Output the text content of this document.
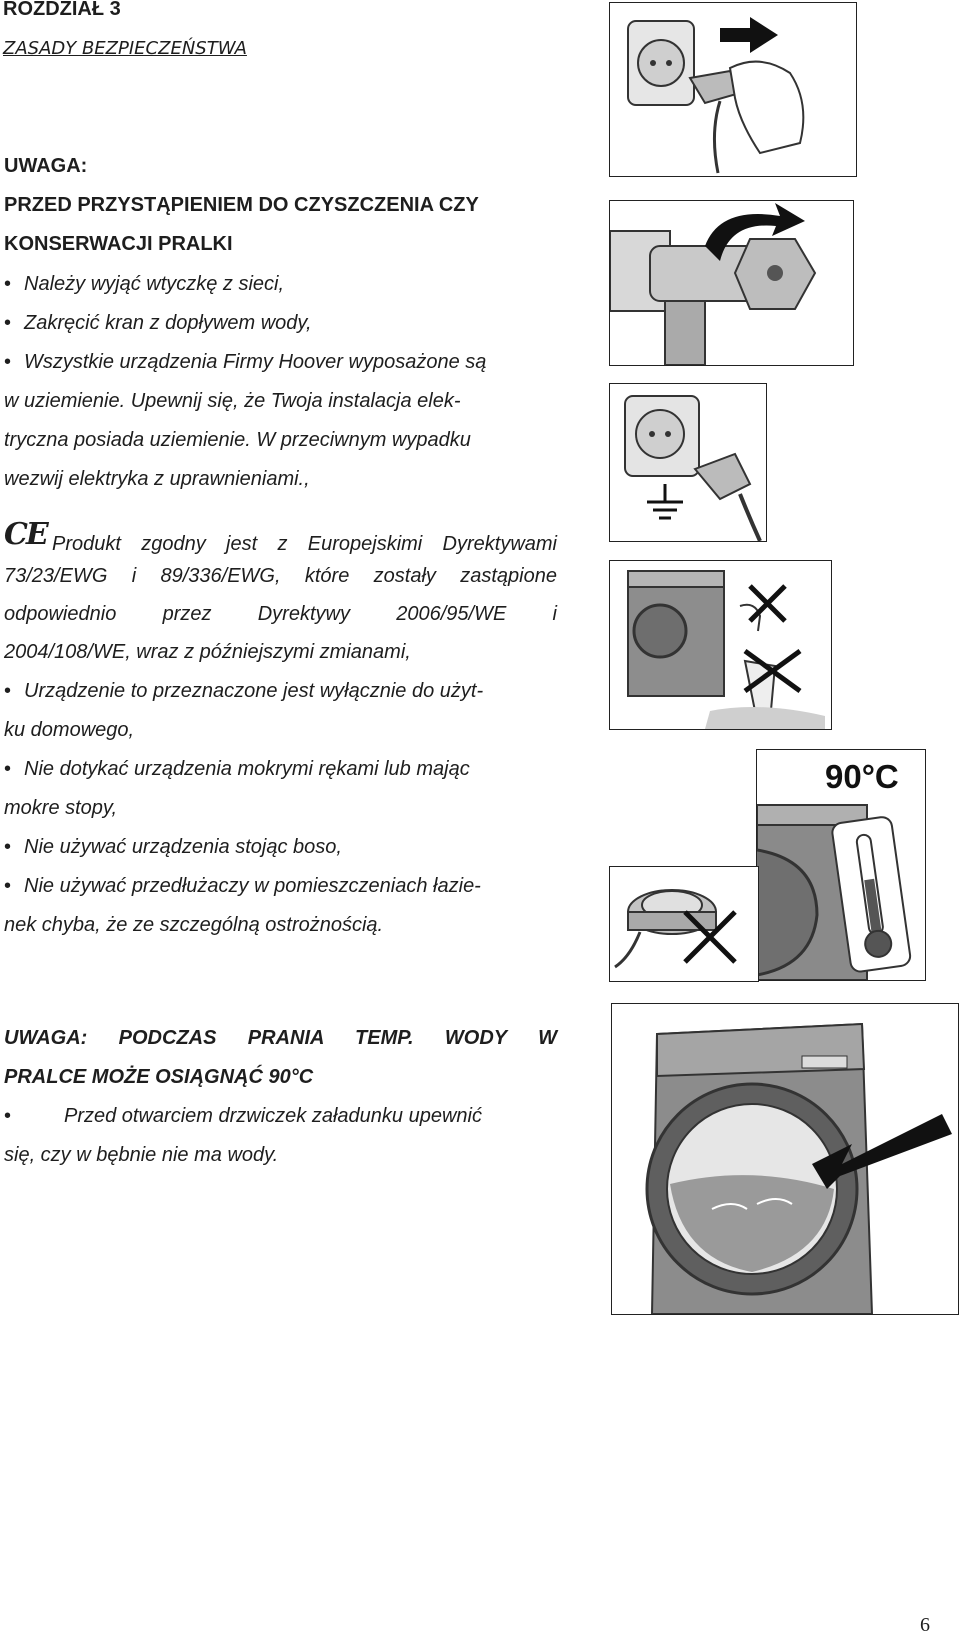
ROZDZIAŁ 3
ZASADY BEZPIECZEŃSTWA
UWAGA:
PRZED PRZYSTĄPIENIEM DO CZYSZCZENIA CZY
KONSERWACJI PRALKI
• Należy wyjąć wtyczkę z sieci,
• Zakręcić kran z dopływem wody,
• Wszystkie urządzenia Firmy Hoover wyposażone są
w uziemienie. Upewnij się, że Twoja instalacja elek-
tryczna posiada uziemienie. W przeciwnym wypadku
wezwij elektryka z uprawnieniami.,
CE Produkt zgodny jest z Europejskimi Dyrektywami
73/23/EWG i 89/336/EWG, które zostały zastąpione
odpowiednio przez Dyrektywy 2006/95/WE i
2004/108/WE, wraz z późniejszymi zmianami,
• Urządzenie to przeznaczone jest wyłącznie do użyt-
ku domowego,
• Nie dotykać urządzenia mokrymi rękami lub mając
mokre stopy,
• Nie używać urządzenia stojąc boso,
• Nie używać przedłużaczy w pomieszczeniach łazie-
nek chyba, że ze szczególną ostrożnością.
UWAGA: PODCZAS PRANIA TEMP. WODY W
PRALCE MOŻE OSIĄGNĄĆ 90°C
•Przed otwarciem drzwiczek załadunku upewnić
się, czy w bębnie nie ma wody.
90°C
6
